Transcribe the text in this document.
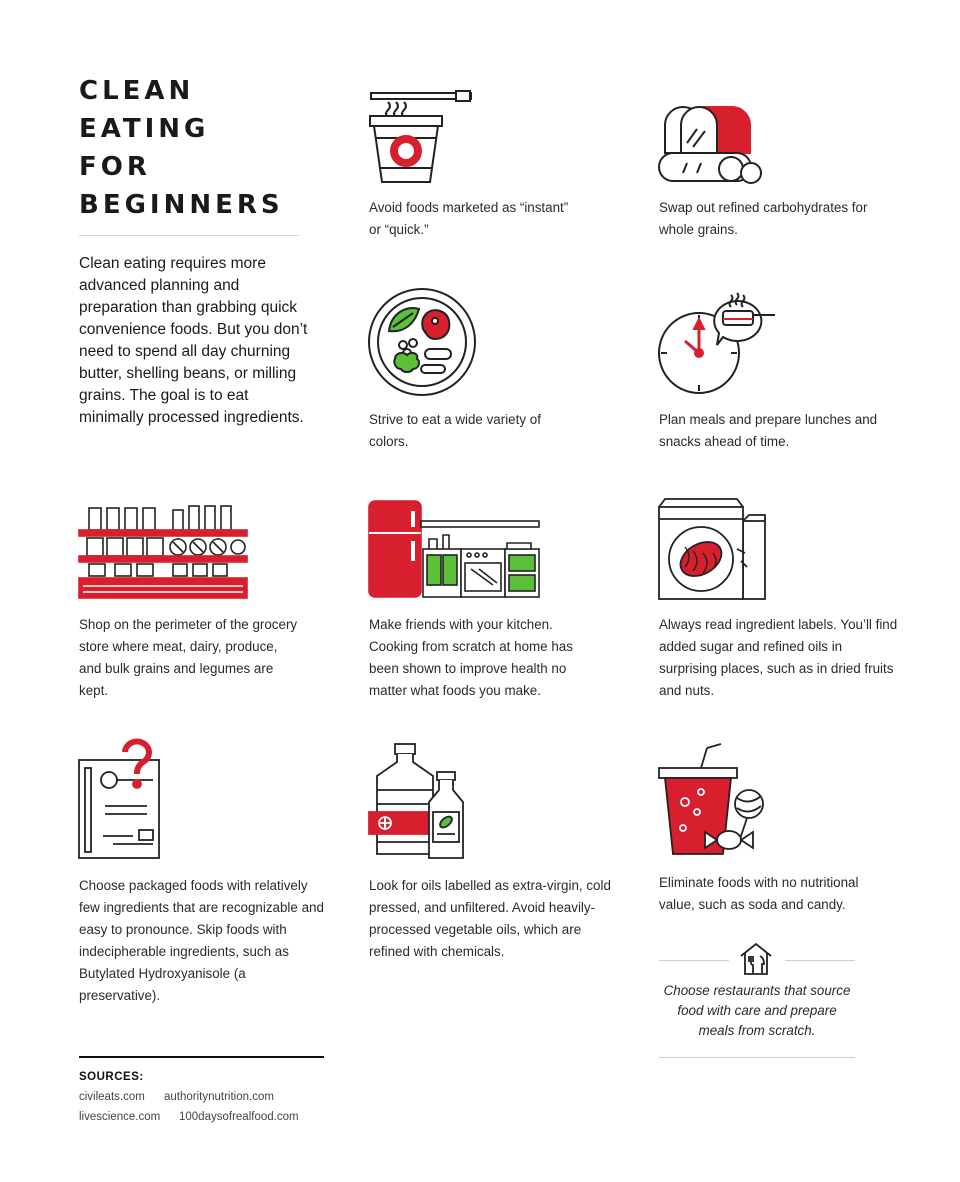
CLEAN
EATING
FOR
BEGINNERS

Clean eating requires more advanced planning and preparation than grabbing quick convenience foods. But you don’t need to spend all day churning butter, shelling beans, or milling grains. The goal is to eat minimally processed ingredients.

Avoid foods marketed as “instant” or “quick.”

Swap out refined carbohydrates for whole grains.

Strive to eat a wide variety of colors.

Plan meals and prepare lunches and snacks ahead of time.

Shop on the perimeter of the grocery store where meat, dairy, produce, and bulk grains and legumes are kept.

Make friends with your kitchen. Cooking from scratch at home has been shown to improve health no matter what foods you make.

Always read ingredient labels. You’ll find added sugar and refined oils in surprising places, such as in dried fruits and nuts.

Choose packaged foods with relatively few ingredients that are recognizable and easy to pronounce. Skip foods with indecipherable ingredients, such as Butylated Hydroxyanisole (a preservative).

Look for oils labelled as extra-virgin, cold pressed, and unfiltered. Avoid heavily-processed vegetable oils, which are refined with chemicals.

Eliminate foods with no nutritional value, such as soda and candy.

Choose restaurants that source food with care and prepare meals from scratch.

SOURCES:

civileats.com authoritynutrition.com

livescience.com 100daysofrealfood.com
